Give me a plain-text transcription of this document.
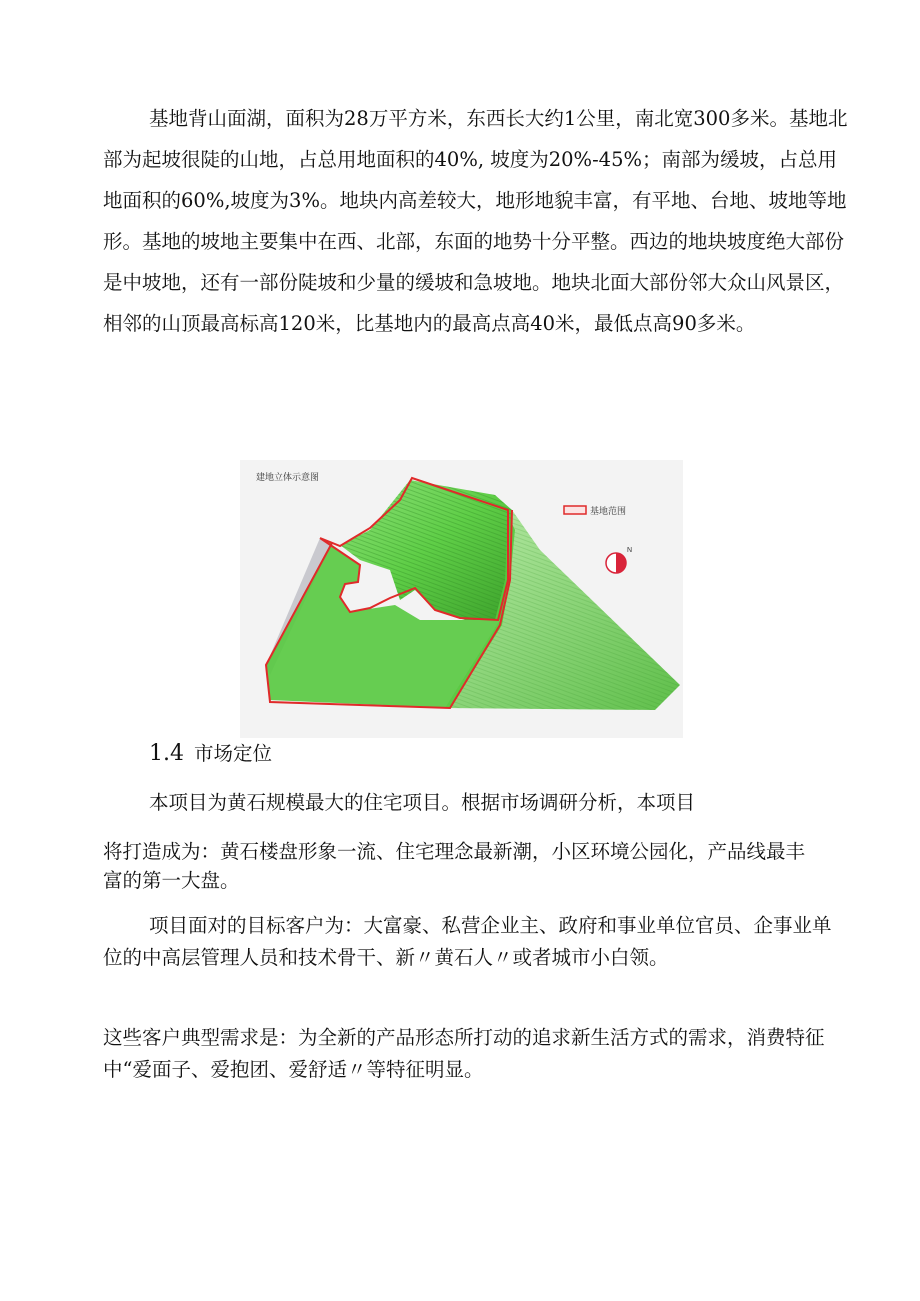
基地背山面湖，面积为28万平方米，东西长大约1公里，南北宽300多米。基地北部为起坡很陡的山地，占总用地面积的40%, 坡度为20%-45%；南部为缓坡，占总用地面积的60%,坡度为3%。地块内高差较大，地形地貌丰富，有平地、台地、坡地等地形。基地的坡地主要集中在西、北部，东面的地势十分平整。西边的地块坡度绝大部份是中坡地，还有一部份陡坡和少量的缓坡和急坡地。地块北面大部份邻大众山风景区，相邻的山顶最高标高120米，比基地内的最高点高40米，最低点高90多米。

建地立体示意图
基地范围
N
1.4 市场定位

本项目为黄石规模最大的住宅项目。根据市场调研分析，本项目

将打造成为：黄石楼盘形象一流、住宅理念最新潮，小区环境公园化，产品线最丰富的第一大盘。

项目面对的目标客户为：大富豪、私营企业主、政府和事业单位官员、企事业单位的中高层管理人员和技术骨干、新〃黄石人〃或者城市小白领。

这些客户典型需求是：为全新的产品形态所打动的追求新生活方式的需求，消费特征中“爱面子、爱抱团、爱舒适〃等特征明显。
